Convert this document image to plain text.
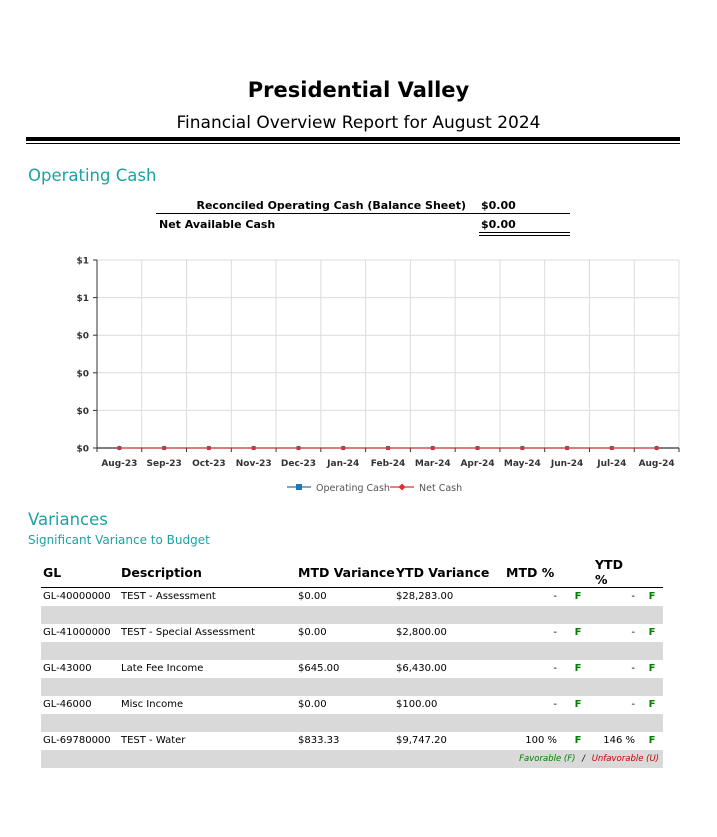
Presidential Valley
Financial Overview Report for August 2024
Operating Cash
Reconciled Operating Cash (Balance Sheet) $0.00
Net Available Cash	$0.00
$0
$0
$0
$0
$1
$1
Aug-23 Sep-23 Oct-23 Nov-23 Dec-23 Jan-24 Feb-24 Mar-24 Apr-24 May-24 Jun-24 Jul-24 Aug-24
Operating Cash	Net Cash
Variances
Significant Variance to Budget
GL	Description	MTD Variance	YTD Variance	MTD %		YTD %	
GL-40000000	TEST - Assessment	$0.00	$28,283.00	-	F	-	F

GL-41000000	TEST - Special Assessment	$0.00	$2,800.00	-	F	-	F

GL-43000	Late Fee Income	$645.00	$6,430.00	-	F	-	F

GL-46000	Misc Income	$0.00	$100.00	-	F	-	F

GL-69780000	TEST - Water	$833.33	$9,747.20	100 %	F	146 %	F

Favorable (F) / Unfavorable (U)
